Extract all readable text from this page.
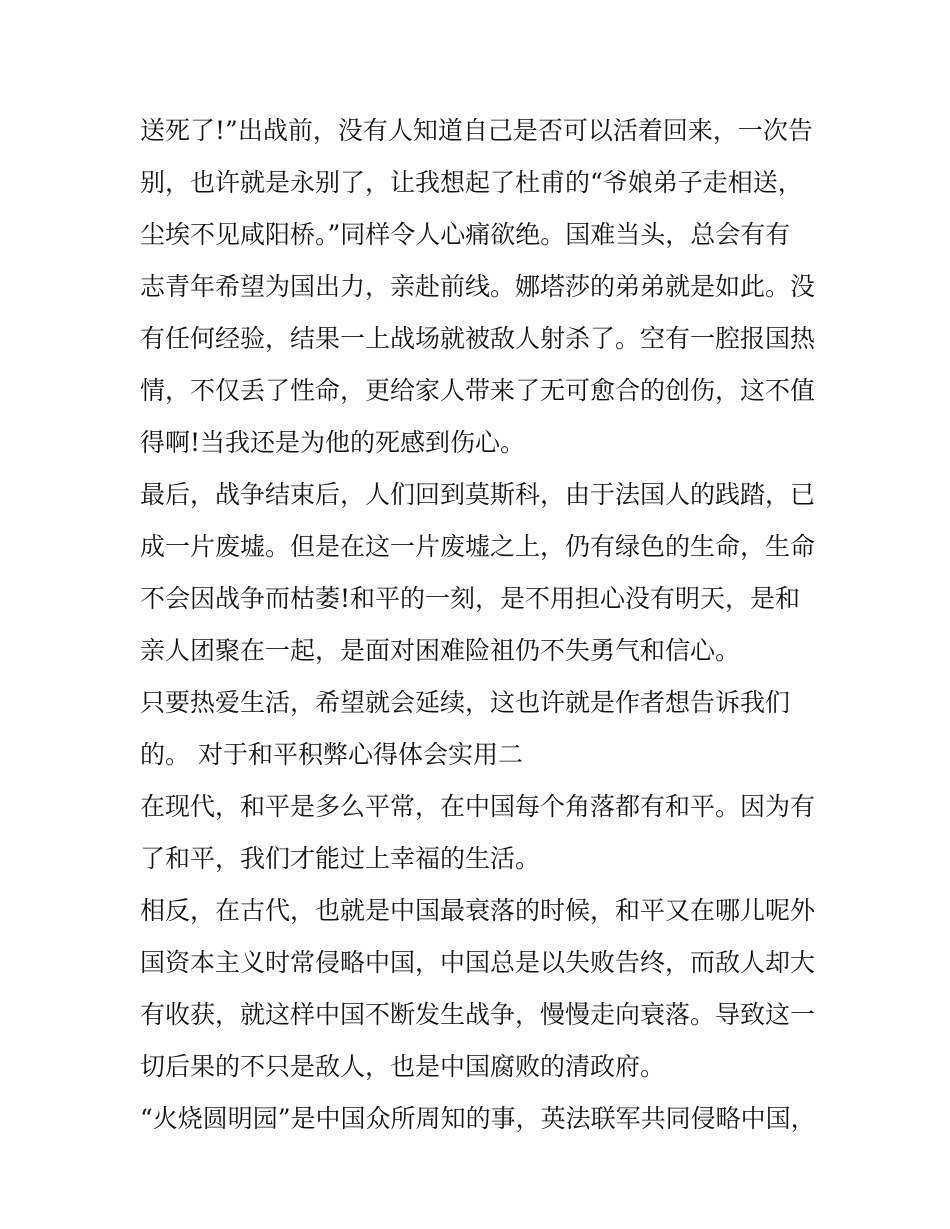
送死了!”出战前，没有人知道自己是否可以活着回来，一次告
别，也许就是永别了，让我想起了杜甫的“爷娘弟子走相送，
尘埃不见咸阳桥。”同样令人心痛欲绝。国难当头，总会有有
志青年希望为国出力，亲赴前线。娜塔莎的弟弟就是如此。没
有任何经验，结果一上战场就被敌人射杀了。空有一腔报国热
情，不仅丢了性命，更给家人带来了无可愈合的创伤，这不值
得啊!当我还是为他的死感到伤心。
最后，战争结束后，人们回到莫斯科，由于法国人的践踏，已
成一片废墟。但是在这一片废墟之上，仍有绿色的生命，生命
不会因战争而枯萎!和平的一刻，是不用担心没有明天，是和
亲人团聚在一起，是面对困难险祖仍不失勇气和信心。
只要热爱生活，希望就会延续，这也许就是作者想告诉我们
的。 对于和平积弊心得体会实用二
在现代，和平是多么平常，在中国每个角落都有和平。因为有
了和平，我们才能过上幸福的生活。
相反，在古代，也就是中国最衰落的时候，和平又在哪儿呢外
国资本主义时常侵略中国，中国总是以失败告终，而敌人却大
有收获，就这样中国不断发生战争，慢慢走向衰落。导致这一
切后果的不只是敌人，也是中国腐败的清政府。
“火烧圆明园”是中国众所周知的事，英法联军共同侵略中国，
